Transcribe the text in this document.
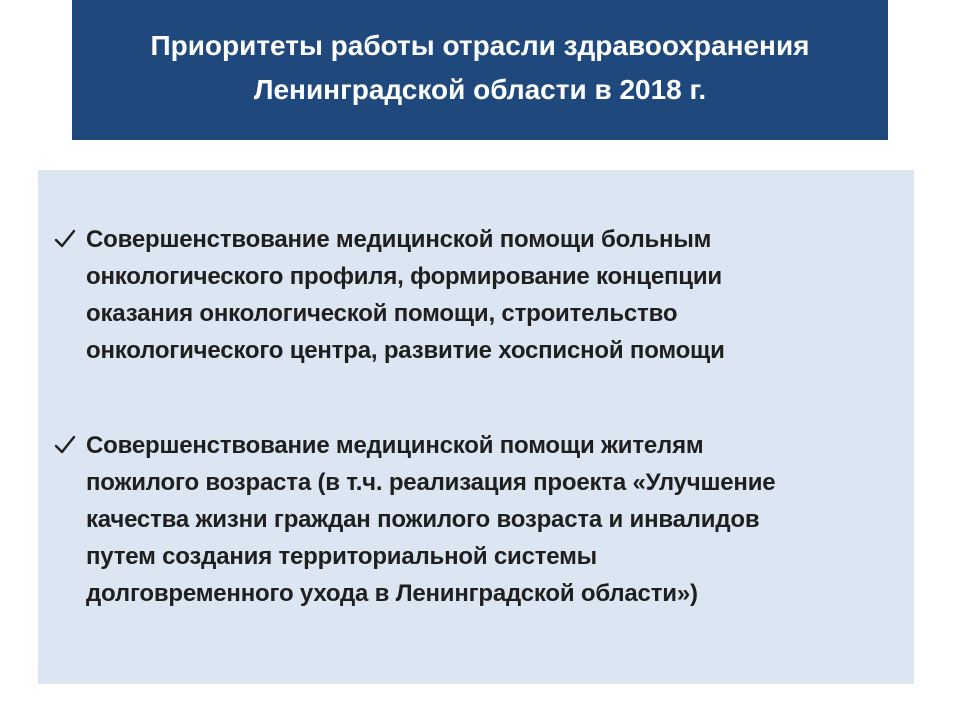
Приоритеты работы отрасли здравоохранения
Ленинградской области в 2018 г.
Совершенствование медицинской помощи больным
онкологического профиля, формирование концепции
оказания онкологической помощи, строительство
онкологического центра, развитие хосписной помощи
Совершенствование медицинской помощи жителям
пожилого возраста (в т.ч. реализация проекта «Улучшение
качества жизни граждан пожилого возраста и инвалидов
путем создания территориальной системы
долговременного ухода в Ленинградской области»)
